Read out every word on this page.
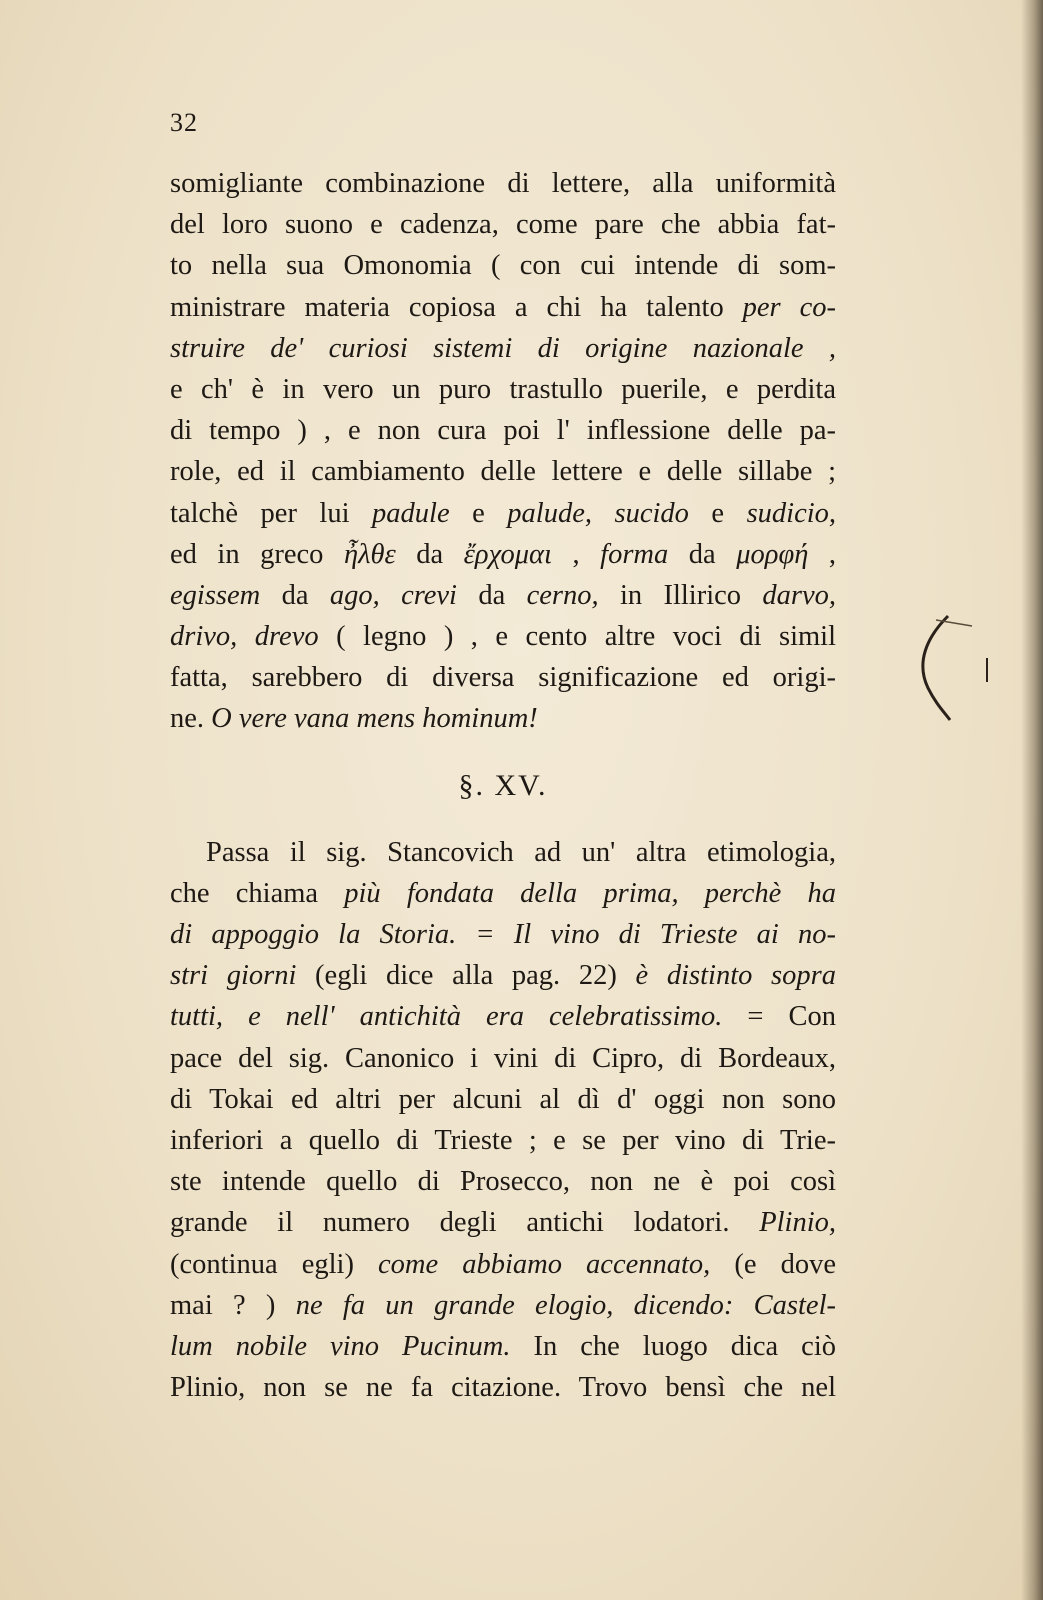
32
somigliante combinazione di lettere, alla uniformità
del loro suono e cadenza, come pare che abbia fat-
to nella sua Omonomia ( con cui intende di som-
ministrare materia copiosa a chi ha talento per co-
struire de' curiosi sistemi di origine nazionale ,
e ch' è in vero un puro trastullo puerile, e perdita
di tempo ) , e non cura poi l' inflessione delle pa-
role, ed il cambiamento delle lettere e delle sillabe ;
talchè per lui padule e palude, sucido e sudicio,
ed in greco ἦλθε da ἔρχομαι , forma da μορφή ,
egissem da ago, crevi da cerno, in Illirico darvo,
drivo, drevo ( legno ) , e cento altre voci di simil
fatta, sarebbero di diversa significazione ed origi-
ne. O vere vana mens hominum!
§. XV.
Passa il sig. Stancovich ad un' altra etimologia,
che chiama più fondata della prima, perchè ha
di appoggio la Storia. = Il vino di Trieste ai no-
stri giorni (egli dice alla pag. 22) è distinto sopra
tutti, e nell' antichità era celebratissimo. = Con
pace del sig. Canonico i vini di Cipro, di Bordeaux,
di Tokai ed altri per alcuni al dì d' oggi non sono
inferiori a quello di Trieste ; e se per vino di Trie-
ste intende quello di Prosecco, non ne è poi così
grande il numero degli antichi lodatori. Plinio,
(continua egli) come abbiamo accennato, (e dove
mai ? ) ne fa un grande elogio, dicendo: Castel-
lum nobile vino Pucinum. In che luogo dica ciò
Plinio, non se ne fa citazione. Trovo bensì che nel
